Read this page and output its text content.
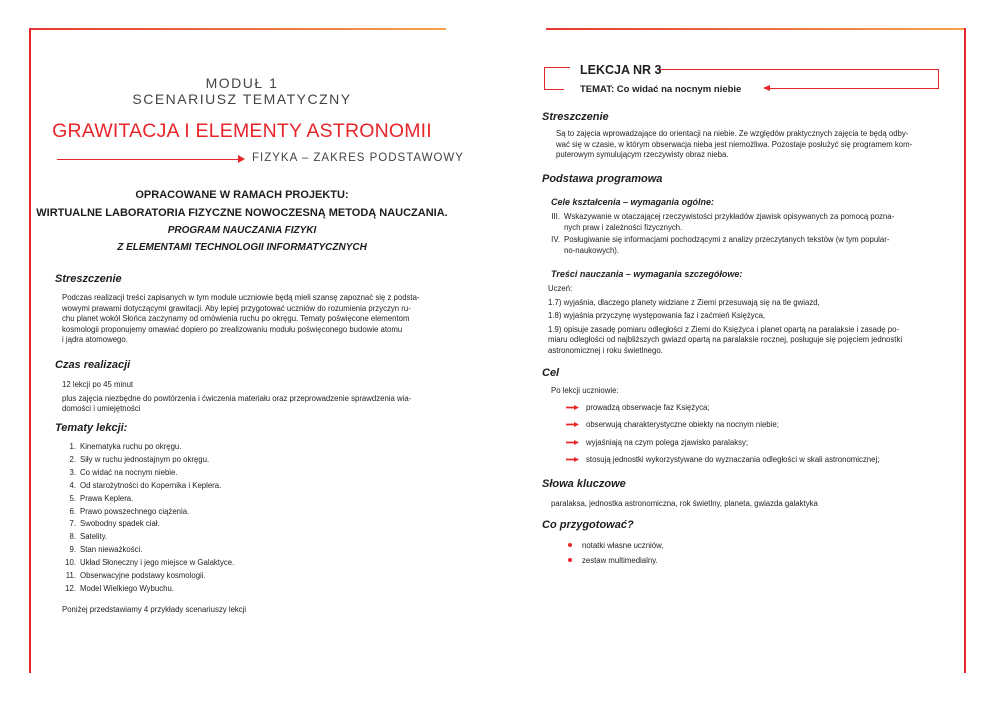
MODUŁ 1
SCENARIUSZ TEMATYCZNY
GRAWITACJA I ELEMENTY ASTRONOMII
FIZYKA – ZAKRES PODSTAWOWY
OPRACOWANE W RAMACH PROJEKTU:
WIRTUALNE LABORATORIA FIZYCZNE NOWOCZESNĄ METODĄ NAUCZANIA.
PROGRAM NAUCZANIA FIZYKI
Z ELEMENTAMI TECHNOLOGII INFORMATYCZNYCH
Streszczenie
Podczas realizacji treści zapisanych w tym module uczniowie będą mieli szansę zapoznać się z podsta-
wowymi prawami dotyczącymi grawitacji. Aby lepiej przygotować uczniów do rozumienia przyczyn ru-
chu planet wokół Słońca zaczynamy od omówienia ruchu po okręgu. Tematy poświęcone elementom
kosmologii proponujemy omawiać dopiero po zrealizowaniu modułu poświęconego budowie atomu
i jądra atomowego.
Czas realizacji
12 lekcji po 45 minut
plus zajęcia niezbędne do powtórzenia i ćwiczenia materiału oraz przeprowadzenie sprawdzenia wia-
domości i umiejętności
Tematy lekcji:
1. Kinematyka ruchu po okręgu.
2. Siły w ruchu jednostajnym po okręgu.
3. Co widać na nocnym niebie.
4. Od starożytności do Kopernika i Keplera.
5. Prawa Keplera.
6. Prawo powszechnego ciążenia.
7. Swobodny spadek ciał.
8. Satelity.
9. Stan nieważkości.
10. Układ Słoneczny i jego miejsce w Galaktyce.
11. Obserwacyjne podstawy kosmologii.
12. Model Wielkiego Wybuchu.
Poniżej przedstawiamy 4 przykłady scenariuszy lekcji
LEKCJA NR 3
TEMAT: Co widać na nocnym niebie
Streszczenie
Są to zajęcia wprowadzające do orientacji na niebie. Ze względów praktycznych zajęcia te będą odby-
wać się w czasie, w którym obserwacja nieba jest niemożliwa. Pozostaje posłużyć się programem kom-
puterowym symulującym rzeczywisty obraz nieba.
Podstawa programowa
Cele kształcenia – wymagania ogólne:
III. Wskazywanie w otaczającej rzeczywistości przykładów zjawisk opisywanych za pomocą pozna-
nych praw i zależności fizycznych.
IV. Posługiwanie się informacjami pochodzącymi z analizy przeczytanych tekstów (w tym popular-
no-naukowych).
Treści nauczania – wymagania szczegółowe:
Uczeń:
1.7) wyjaśnia, dlaczego planety widziane z Ziemi przesuwają się na tle gwiazd,
1.8) wyjaśnia przyczynę występowania faz i zaćmień Księżyca,
1.9) opisuje zasadę pomiaru odległości z Ziemi do Księżyca i planet opartą na paralaksie i zasadę po-
miaru odległości od najbliższych gwiazd opartą na paralaksie rocznej, posługuje się pojęciem jednostki
astronomicznej i roku świetlnego.
Cel
Po lekcji uczniowie:
prowadzą obserwacje faz Księżyca;
obserwują charakterystyczne obiekty na nocnym niebie;
wyjaśniają na czym polega zjawisko paralaksy;
stosują jednostki wykorzystywane do wyznaczania odległości w skali astronomicznej;
Słowa kluczowe
paralaksa, jednostka astronomiczna, rok świetlny, planeta, gwiazda galaktyka
Co przygotować?
notatki własne uczniów,
zestaw multimedialny.
